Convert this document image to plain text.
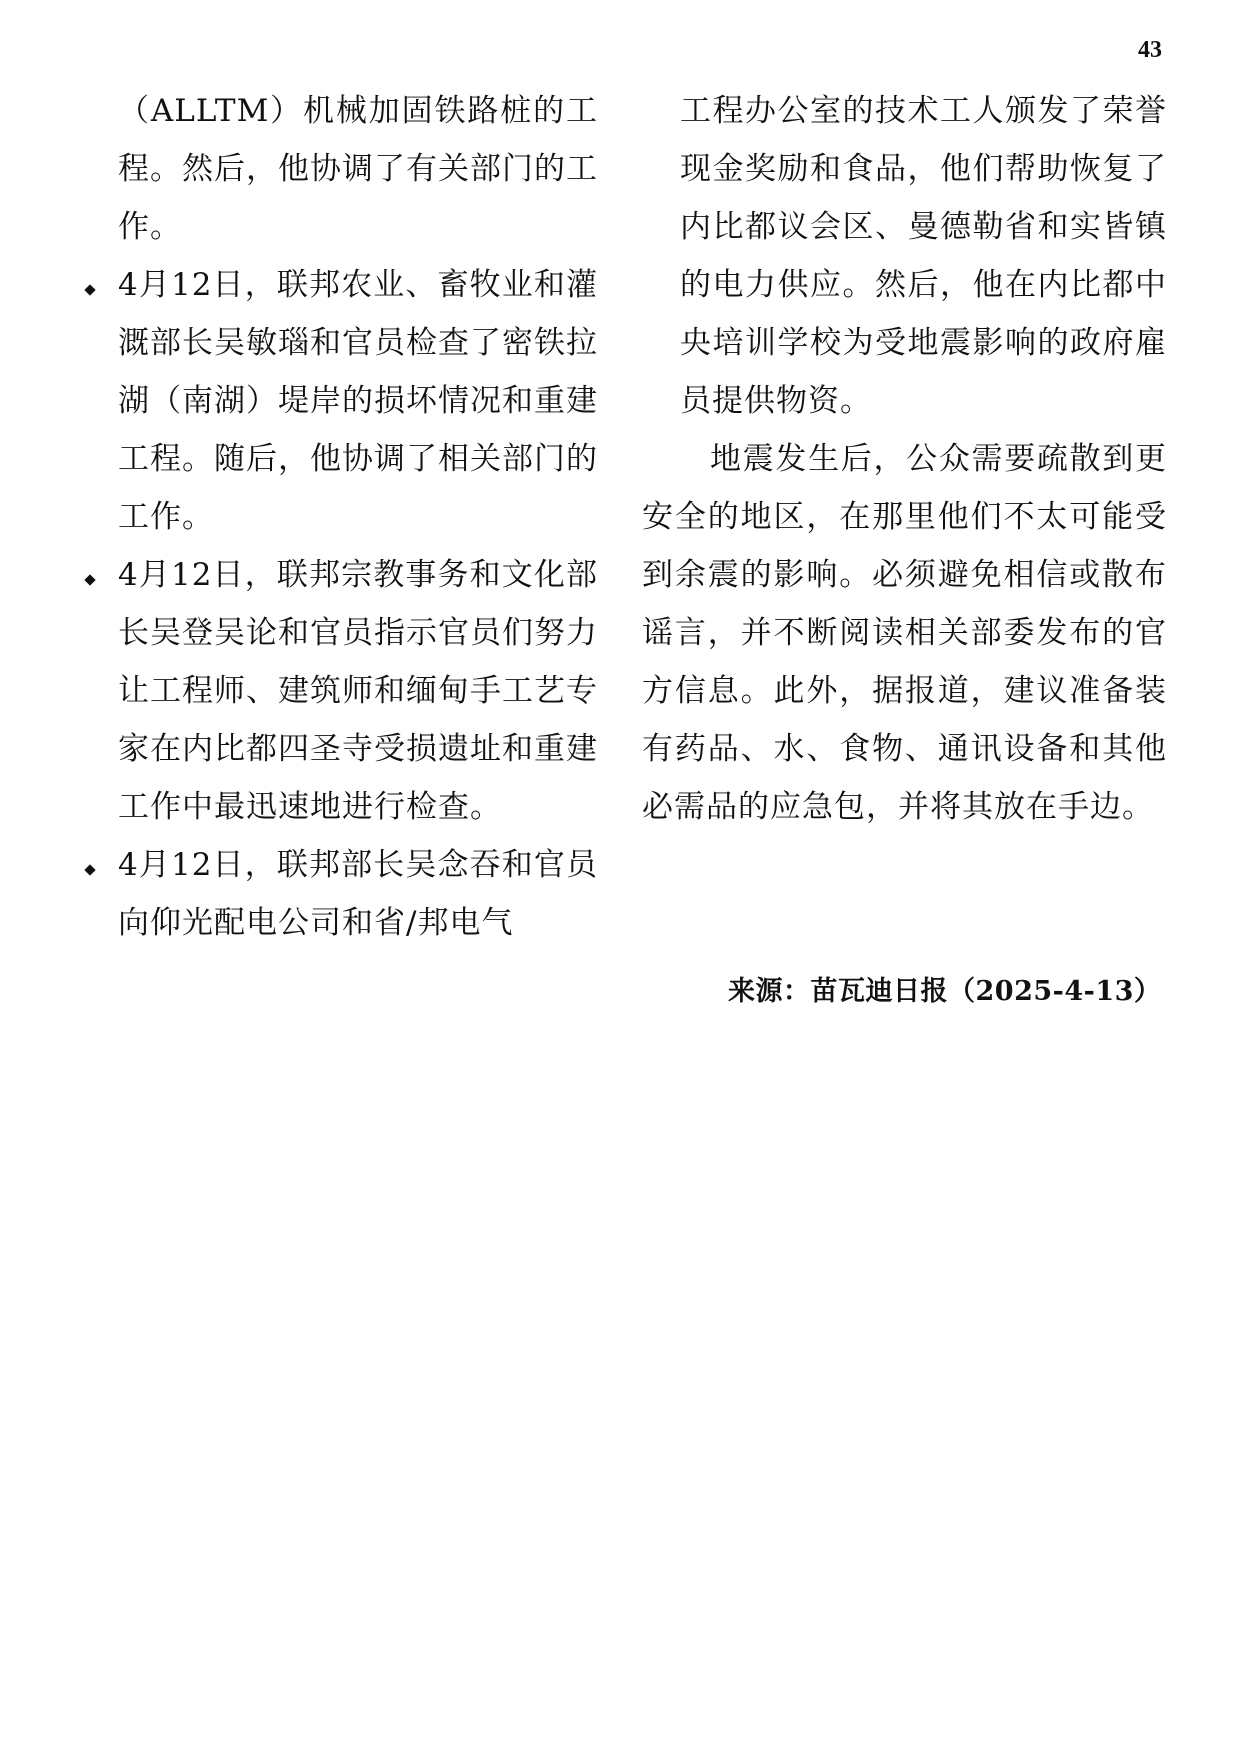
43

（ALLTM）机械加固铁路桩的工程。然后，他协调了有关部门的工作。

4月12日，联邦农业、畜牧业和灌溉部长吴敏瑙和官员检查了密铁拉湖（南湖）堤岸的损坏情况和重建工程。随后，他协调了相关部门的工作。
4月12日，联邦宗教事务和文化部长吴登吴论和官员指示官员们努力让工程师、建筑师和缅甸手工艺专家在内比都四圣寺受损遗址和重建工作中最迅速地进行检查。
4月12日，联邦部长吴念吞和官员向仰光配电公司和省/邦电气

工程办公室的技术工人颁发了荣誉现金奖励和食品，他们帮助恢复了内比都议会区、曼德勒省和实皆镇的电力供应。然后，他在内比都中央培训学校为受地震影响的政府雇员提供物资。

地震发生后，公众需要疏散到更安全的地区，在那里他们不太可能受到余震的影响。必须避免相信或散布谣言，并不断阅读相关部委发布的官方信息。此外，据报道，建议准备装有药品、水、食物、通讯设备和其他必需品的应急包，并将其放在手边。

来源：苗瓦迪日报（2025-4-13）
